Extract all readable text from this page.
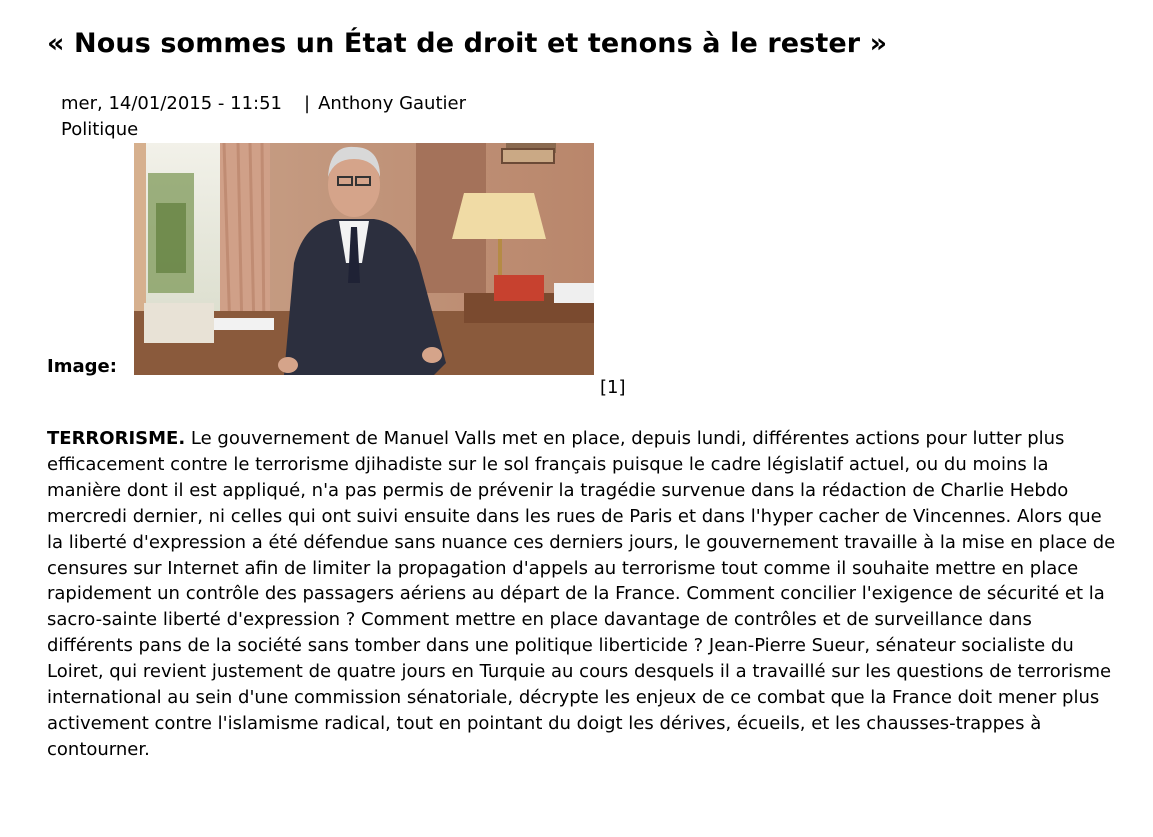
« Nous sommes un État de droit et tenons à le rester »
mer, 14/01/2015 - 11:51 | Anthony Gautier
Politique
Image:
[1]

TERRORISME. Le gouvernement de Manuel Valls met en place, depuis lundi, différentes actions pour lutter plus efficacement contre le terrorisme djihadiste sur le sol français puisque le cadre législatif actuel, ou du moins la manière dont il est appliqué, n'a pas permis de prévenir la tragédie survenue dans la rédaction de Charlie Hebdo mercredi dernier, ni celles qui ont suivi ensuite dans les rues de Paris et dans l'hyper cacher de Vincennes. Alors que la liberté d'expression a été défendue sans nuance ces derniers jours, le gouvernement travaille à la mise en place de censures sur Internet afin de limiter la propagation d'appels au terrorisme tout comme il souhaite mettre en place rapidement un contrôle des passagers aériens au départ de la France. Comment concilier l'exigence de sécurité et la sacro-sainte liberté d'expression ? Comment mettre en place davantage de contrôles et de surveillance dans différents pans de la société sans tomber dans une politique liberticide ? Jean-Pierre Sueur, sénateur socialiste du Loiret, qui revient justement de quatre jours en Turquie au cours desquels il a travaillé sur les questions de terrorisme international au sein d'une commission sénatoriale, décrypte les enjeux de ce combat que la France doit mener plus activement contre l'islamisme radical, tout en pointant du doigt les dérives, écueils, et les chausses-trappes à contourner.
